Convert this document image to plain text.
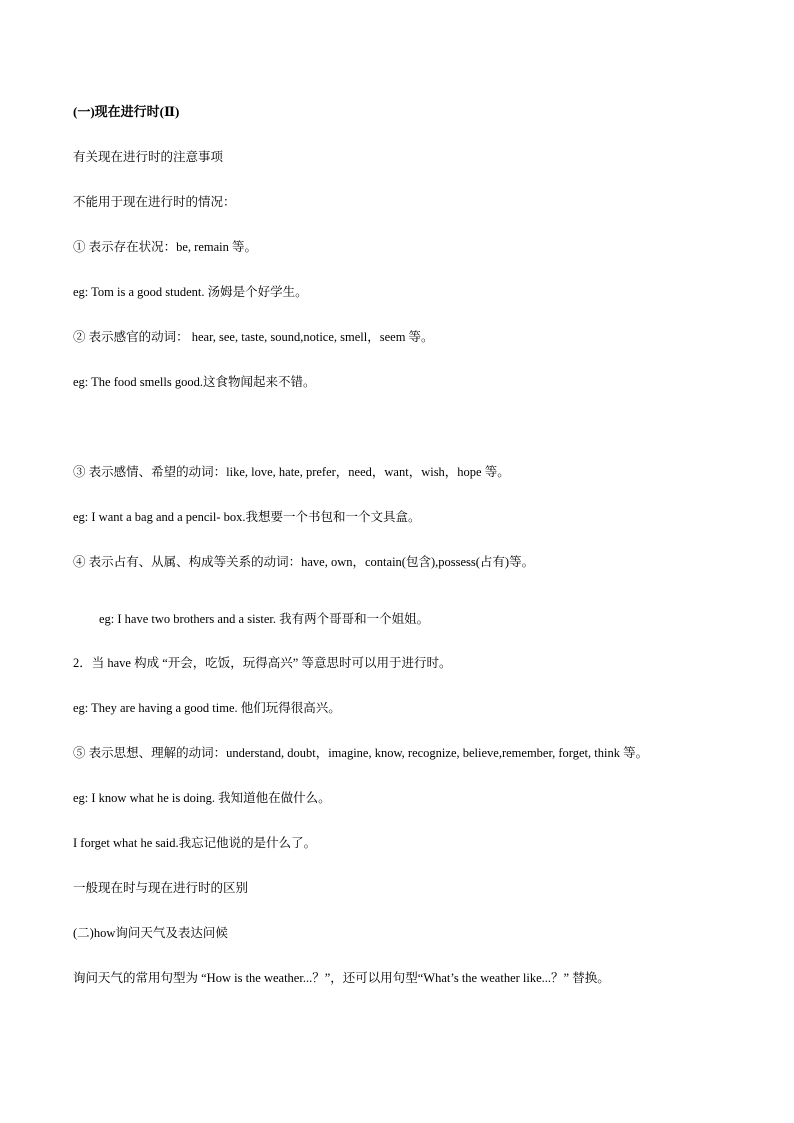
(一)现在进行时(Ⅱ)
有关现在进行时的注意事项
不能用于现在进行时的情况：
① 表示存在状况：be, remain 等。
eg: Tom is a good student. 汤姆是个好学生。
② 表示感官的动词： hear, see, taste, sound,notice, smell，seem 等。
eg: The food smells good.这食物闻起来不错。
③ 表示感情、希望的动词：like, love, hate, prefer，need，want，wish，hope 等。
eg: I want a bag and a pencil- box.我想要一个书包和一个文具盒。
④ 表示占有、从属、构成等关系的动词：have, own，contain(包含),possess(占有)等。
eg: I have two brothers and a sister. 我有两个哥哥和一个姐姐。
2．当 have 构成 “开会，吃饭，玩得高兴” 等意思时可以用于进行时。
eg: They are having a good time. 他们玩得很高兴。
⑤ 表示思想、理解的动词：understand, doubt，imagine, know, recognize, believe,remember, forget, think 等。
eg: I know what he is doing. 我知道他在做什么。
I forget what he said.我忘记他说的是什么了。
一般现在时与现在进行时的区别
(二)how询问天气及表达问候
询问天气的常用句型为 “How is the weather...？”，还可以用句型“What’s the weather like...？” 替换。
